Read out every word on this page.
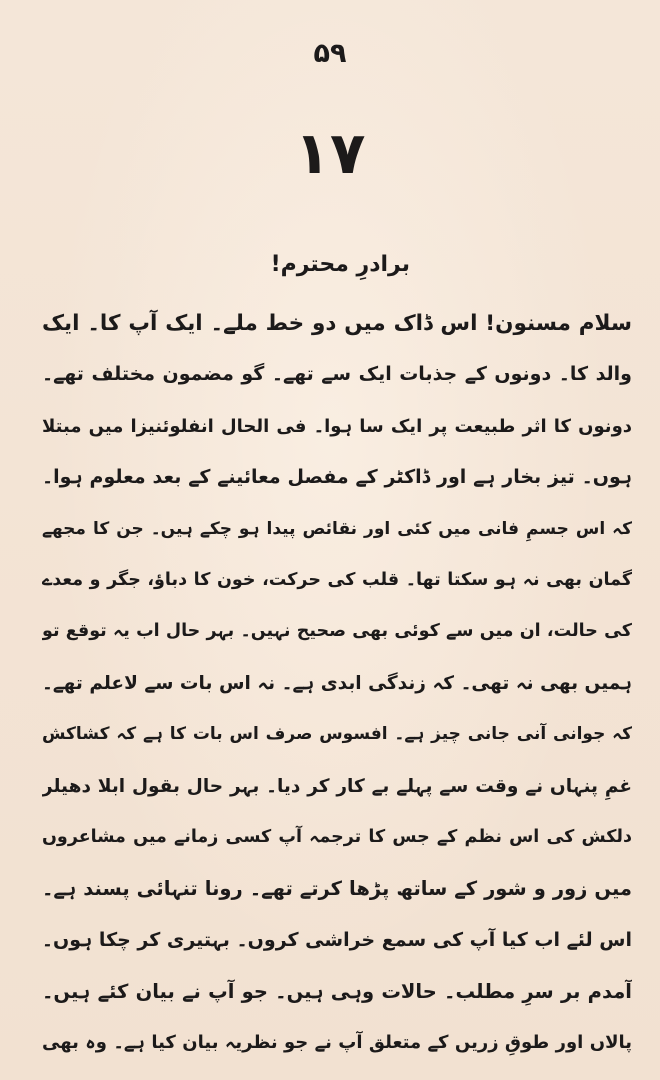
۵۹
۱۷
برادرِ محترم!
سلام مسنون! اس ڈاک میں دو خط ملے۔ ایک آپ کا۔ ایک
والد کا۔ دونوں کے جذبات ایک سے تھے۔ گو مضمون مختلف تھے۔
دونوں کا اثر طبیعت پر ایک سا ہوا۔ فی الحال انفلوئنیزا میں مبتلا
ہوں۔ تیز بخار ہے اور ڈاکٹر کے مفصل معائینے کے بعد معلوم ہوا۔
کہ اس جسمِ فانی میں کئی اور نقائص پیدا ہو چکے ہیں۔ جن کا مجھے
گمان بھی نہ ہو سکتا تھا۔ قلب کی حرکت، خون کا دباؤ، جگر و معدے
کی حالت، ان میں سے کوئی بھی صحیح نہیں۔ بہر حال اب یہ توقع تو
ہمیں بھی نہ تھی۔ کہ زندگی ابدی ہے۔ نہ اس بات سے لاعلم تھے۔
کہ جوانی آنی جانی چیز ہے۔ افسوس صرف اس بات کا ہے کہ کشاکش
غمِ پنہاں نے وقت سے پہلے بے کار کر دیا۔ بہر حال بقول ابلا دھیلر
دلکش کی اس نظم کے جس کا ترجمہ آپ کسی زمانے میں مشاعروں
میں زور و شور کے ساتھ پڑھا کرتے تھے۔ رونا تنہائی پسند ہے۔
اس لئے اب کیا آپ کی سمع خراشی کروں۔ بہتیری کر چکا ہوں۔
آمدم بر سرِ مطلب۔ حالات وہی ہیں۔ جو آپ نے بیان کئے ہیں۔
پالاں اور طوقِ زریں کے متعلق آپ نے جو نظریہ بیان کیا ہے۔ وہ بھی
